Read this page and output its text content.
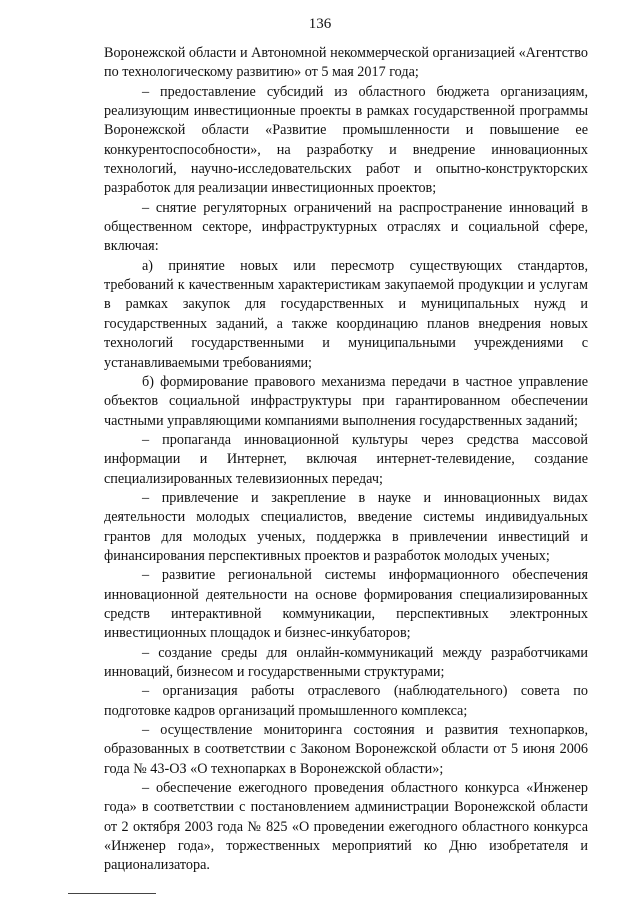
136

Воронежской области и Автономной некоммерческой организацией «Агентство по технологическому развитию» от 5 мая 2017 года;

– предоставление субсидий из областного бюджета организациям, реализующим инвестиционные проекты в рамках государственной программы Воронежской области «Развитие промышленности и повышение ее конкурентоспособности», на разработку и внедрение инновационных технологий, научно-исследовательских работ и опытно-конструкторских разработок для реализации инвестиционных проектов;

– снятие регуляторных ограничений на распространение инноваций в общественном секторе, инфраструктурных отраслях и социальной сфере, включая:

а) принятие новых или пересмотр существующих стандартов, требований к качественным характеристикам закупаемой продукции и услугам в рамках закупок для государственных и муниципальных нужд и государственных заданий, а также координацию планов внедрения новых технологий государственными и муниципальными учреждениями с устанавливаемыми требованиями;

б) формирование правового механизма передачи в частное управление объектов социальной инфраструктуры при гарантированном обеспечении частными управляющими компаниями выполнения государственных заданий;

– пропаганда инновационной культуры через средства массовой информации и Интернет, включая интернет-телевидение, создание специализированных телевизионных передач;

– привлечение и закрепление в науке и инновационных видах деятельности молодых специалистов, введение системы индивидуальных грантов для молодых ученых, поддержка в привлечении инвестиций и финансирования перспективных проектов и разработок молодых ученых;

– развитие региональной системы информационного обеспечения инновационной деятельности на основе формирования специализированных средств интерактивной коммуникации, перспективных электронных инвестиционных площадок и бизнес-инкубаторов;

– создание среды для онлайн-коммуникаций между разработчиками инноваций, бизнесом и государственными структурами;

– организация работы отраслевого (наблюдательного) совета по подготовке кадров организаций промышленного комплекса;

– осуществление мониторинга состояния и развития технопарков, образованных в соответствии с Законом Воронежской области от 5 июня 2006 года № 43-ОЗ «О технопарках в Воронежской области»;

– обеспечение ежегодного проведения областного конкурса «Инженер года» в соответствии с постановлением администрации Воронежской области от 2 октября 2003 года № 825 «О проведении ежегодного областного конкурса «Инженер года», торжественных мероприятий ко Дню изобретателя и рационализатора.
